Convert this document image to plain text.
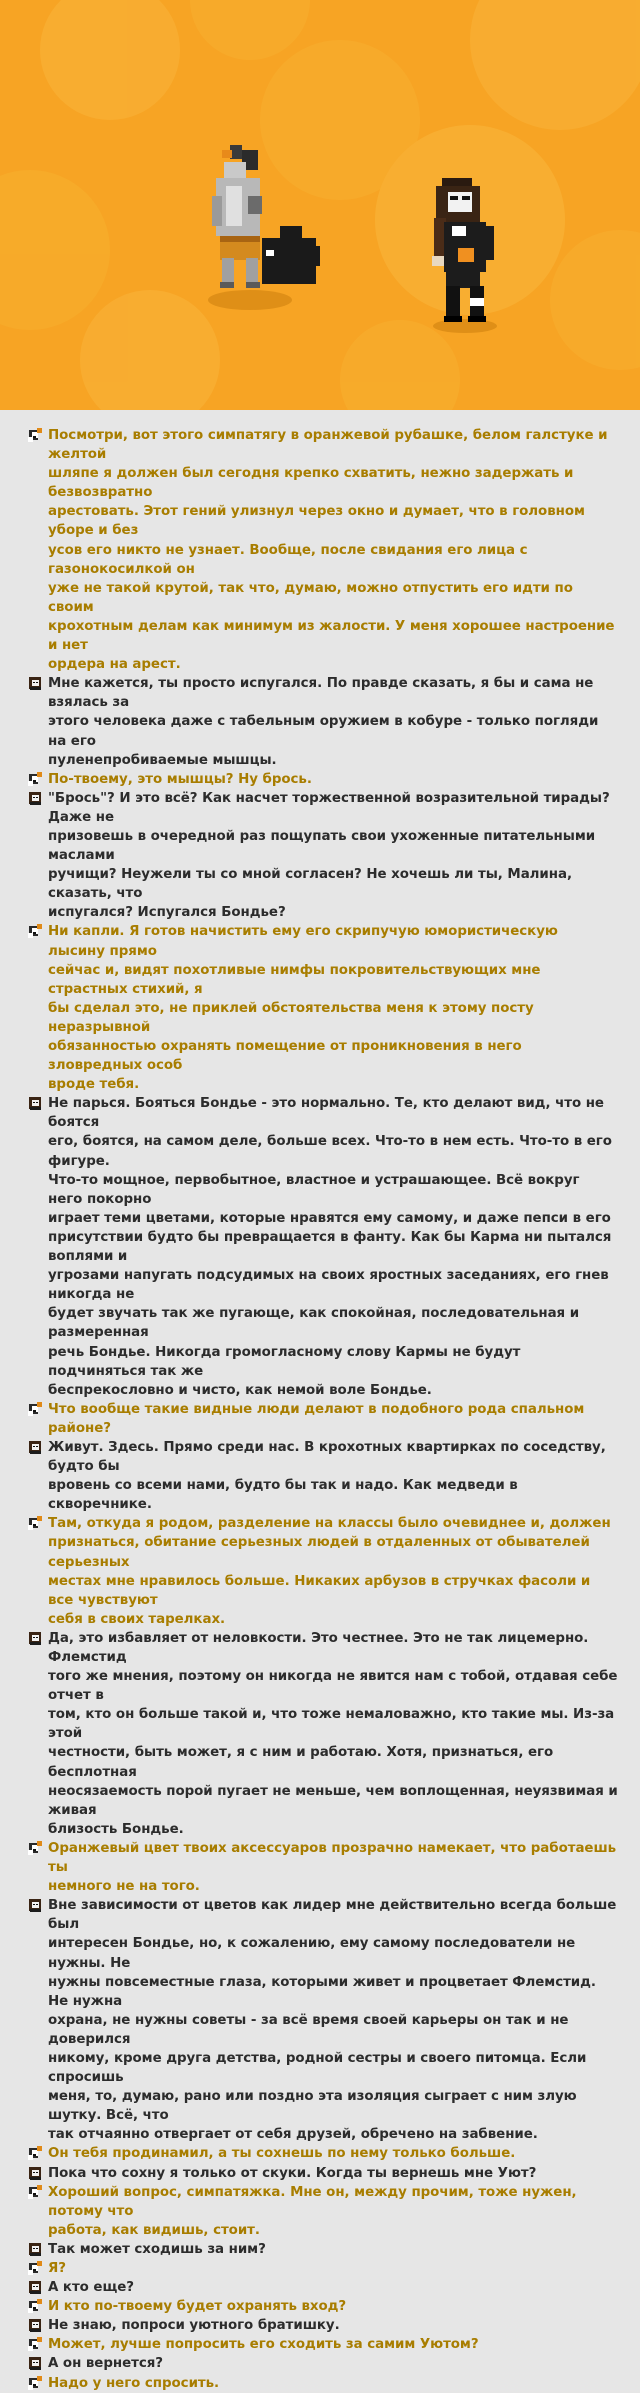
Посмотри, вот этого симпатягу в оранжевой рубашке, белом галстуке и желтой
шляпе я должен был сегодня крепко схватить, нежно задержать и безвозвратно
арестовать. Этот гений улизнул через окно и думает, что в головном уборе и без
усов его никто не узнает. Вообще, после свидания его лица с газонокосилкой он
уже не такой крутой, так что, думаю, можно отпустить его идти по своим
крохотным делам как минимум из жалости. У меня хорошее настроение и нет
ордера на арест.
Мне кажется, ты просто испугался. По правде сказать, я бы и сама не взялась за
этого человека даже с табельным оружием в кобуре - только погляди на его
пуленепробиваемые мышцы.
По-твоему, это мышцы? Ну брось.
"Брось"? И это всё? Как насчет торжественной возразительной тирады? Даже не
призовешь в очередной раз пощупать свои ухоженные питательными маслами
ручищи? Неужели ты со мной согласен? Не хочешь ли ты, Малина, сказать, что
испугался? Испугался Бондье?
Ни капли. Я готов начистить ему его скрипучую юмористическую лысину прямо
сейчас и, видят похотливые нимфы покровительствующих мне страстных стихий, я
бы сделал это, не приклей обстоятельства меня к этому посту неразрывной
обязанностью охранять помещение от проникновения в него зловредных особ
вроде тебя.
Не парься. Бояться Бондье - это нормально. Те, кто делают вид, что не боятся
его, боятся, на самом деле, больше всех. Что-то в нем есть. Что-то в его фигуре.
Что-то мощное, первобытное, властное и устрашающее. Всё вокруг него покорно
играет теми цветами, которые нравятся ему самому, и даже пепси в его
присутствии будто бы превращается в фанту. Как бы Карма ни пытался воплями и
угрозами напугать подсудимых на своих яростных заседаниях, его гнев никогда не
будет звучать так же пугающе, как спокойная, последовательная и размеренная
речь Бондье. Никогда громогласному слову Кармы не будут подчиняться так же
беспрекословно и чисто, как немой воле Бондье.
Что вообще такие видные люди делают в подобного рода спальном районе?
Живут. Здесь. Прямо среди нас. В крохотных квартирках по соседству, будто бы
вровень со всеми нами, будто бы так и надо. Как медведи в скворечнике.
Там, откуда я родом, разделение на классы было очевиднее и, должен
признаться, обитание серьезных людей в отдаленных от обывателей серьезных
местах мне нравилось больше. Никаких арбузов в стручках фасоли и все чувствуют
себя в своих тарелках.
Да, это избавляет от неловкости. Это честнее. Это не так лицемерно. Флемстид
того же мнения, поэтому он никогда не явится нам с тобой, отдавая себе отчет в
том, кто он больше такой и, что тоже немаловажно, кто такие мы. Из-за этой
честности, быть может, я с ним и работаю. Хотя, признаться, его бесплотная
неосязаемость порой пугает не меньше, чем воплощенная, неуязвимая и живая
близость Бондье.
Оранжевый цвет твоих аксессуаров прозрачно намекает, что работаешь ты
немного не на того.
Вне зависимости от цветов как лидер мне действительно всегда больше был
интересен Бондье, но, к сожалению, ему самому последователи не нужны. Не
нужны повсеместные глаза, которыми живет и процветает Флемстид. Не нужна
охрана, не нужны советы - за всё время своей карьеры он так и не доверился
никому, кроме друга детства, родной сестры и своего питомца. Если спросишь
меня, то, думаю, рано или поздно эта изоляция сыграет с ним злую шутку. Всё, что
так отчаянно отвергает от себя друзей, обречено на забвение.
Он тебя продинамил, а ты сохнешь по нему только больше.
Пока что сохну я только от скуки. Когда ты вернешь мне Уют?
Хороший вопрос, симпатяжка. Мне он, между прочим, тоже нужен, потому что
работа, как видишь, стоит.
Так может сходишь за ним?
Я?
А кто еще?
И кто по-твоему будет охранять вход?
Не знаю, попроси уютного братишку.
Может, лучше попросить его сходить за самим Уютом?
А он вернется?
Надо у него спросить.
